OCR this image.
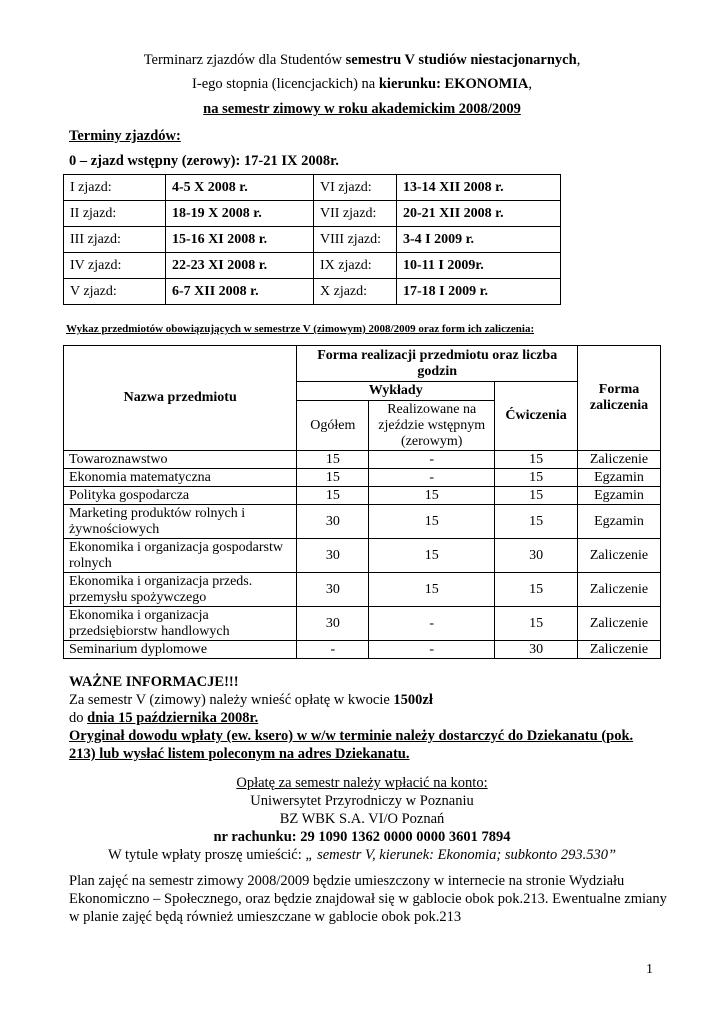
Terminarz zjazdów dla Studentów semestru V studiów niestacjonarnych,
I-ego stopnia (licencjackich) na kierunku: EKONOMIA,
na semestr zimowy w roku akademickim 2008/2009
Terminy zjazdów:
0 – zjazd wstępny (zerowy): 17-21 IX 2008r.
I zjazd:	4-5 X 2008 r.	VI zjazd:	13-14 XII 2008 r.
II zjazd:	18-19 X 2008 r.	VII zjazd:	20-21 XII 2008 r.
III zjazd:	15-16 XI 2008 r.	VIII zjazd:	3-4 I 2009 r.
IV zjazd:	22-23 XI 2008 r.	IX zjazd:	10-11 I 2009r.
V zjazd:	6-7 XII 2008 r.	X zjazd:	17-18 I 2009 r.
Wykaz przedmiotów obowiązujących w semestrze V (zimowym) 2008/2009 oraz form ich zaliczenia:
Nazwa przedmiotu	Forma realizacji przedmiotu oraz liczba godzin			Forma zaliczenia
	Wykłady		Ćwiczenia	
	Ogółem	Realizowane na zjeździe wstępnym (zerowym)		
Towaroznawstwo	15	-	15	Zaliczenie
Ekonomia matematyczna	15	-	15	Egzamin
Polityka gospodarcza	15	15	15	Egzamin
Marketing produktów rolnych i żywnościowych	30	15	15	Egzamin
Ekonomika i organizacja gospodarstw rolnych	30	15	30	Zaliczenie
Ekonomika i organizacja przeds. przemysłu spożywczego	30	15	15	Zaliczenie
Ekonomika i organizacja przedsiębiorstw handlowych	30	-	15	Zaliczenie
Seminarium dyplomowe	-	-	30	Zaliczenie
WAŻNE INFORMACJE!!!
Za semestr V (zimowy) należy wnieść opłatę w kwocie 1500zł
do dnia 15 października 2008r.
Oryginał dowodu wpłaty (ew. ksero) w w/w terminie należy dostarczyć do Dziekanatu (pok.
213) lub wysłać listem poleconym na adres Dziekanatu.
Opłatę za semestr należy wpłacić na konto:
Uniwersytet Przyrodniczy w Poznaniu
BZ WBK S.A. VI/O Poznań
nr rachunku: 29 1090 1362 0000 0000 3601 7894
W tytule wpłaty proszę umieścić: „ semestr V, kierunek: Ekonomia; subkonto 293.530”
Plan zajęć na semestr zimowy 2008/2009 będzie umieszczony w internecie na stronie Wydziału Ekonomiczno – Społecznego, oraz będzie znajdował się w gablocie obok pok.213. Ewentualne zmiany w planie zajęć będą również umieszczane w gablocie obok pok.213
1
